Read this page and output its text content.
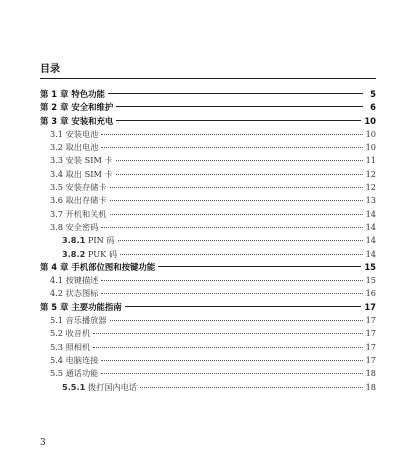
目录
第 1 章 特色功能	5
第 2 章 安全和维护	6
第 3 章 安装和充电	10
3.1 安装电池	10
3.2 取出电池	10
3.3 安装 SIM 卡	11
3.4 取出 SIM 卡	12
3.5 安装存储卡	12
3.6 取出存储卡	13
3.7 开机和关机	14
3.8 安全密码	14
3.8.1 PIN 码	14
3.8.2 PUK 码	14
第 4 章 手机部位图和按键功能	15
4.1 按键描述	15
4.2 状态图标	16
第 5 章 主要功能指南	17
5.1 音乐播放器	17
5.2 收音机	17
5.3 照相机	17
5.4 电脑连接	17
5.5 通话功能	18
5.5.1 拨打国内电话	18
3
